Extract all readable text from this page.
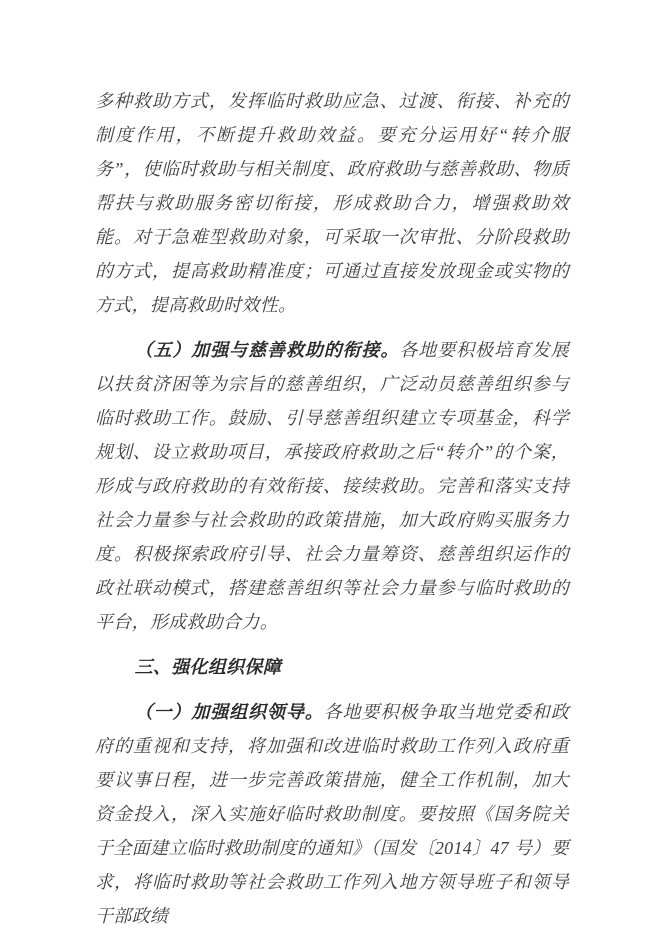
多种救助方式，发挥临时救助应急、过渡、衔接、补充的制度作用，不断提升救助效益。要充分运用好“转介服务”，使临时救助与相关制度、政府救助与慈善救助、物质帮扶与救助服务密切衔接，形成救助合力，增强救助效能。对于急难型救助对象，可采取一次审批、分阶段救助的方式，提高救助精准度；可通过直接发放现金或实物的方式，提高救助时效性。

（五）加强与慈善救助的衔接。各地要积极培育发展以扶贫济困等为宗旨的慈善组织，广泛动员慈善组织参与临时救助工作。鼓励、引导慈善组织建立专项基金，科学规划、设立救助项目，承接政府救助之后“转介”的个案，形成与政府救助的有效衔接、接续救助。完善和落实支持社会力量参与社会救助的政策措施，加大政府购买服务力度。积极探索政府引导、社会力量筹资、慈善组织运作的政社联动模式，搭建慈善组织等社会力量参与临时救助的平台，形成救助合力。

三、强化组织保障

（一）加强组织领导。各地要积极争取当地党委和政府的重视和支持，将加强和改进临时救助工作列入政府重要议事日程，进一步完善政策措施，健全工作机制，加大资金投入，深入实施好临时救助制度。要按照《国务院关于全面建立临时救助制度的通知》（国发〔2014〕47 号）要求，将临时救助等社会救助工作列入地方领导班子和领导干部政绩
